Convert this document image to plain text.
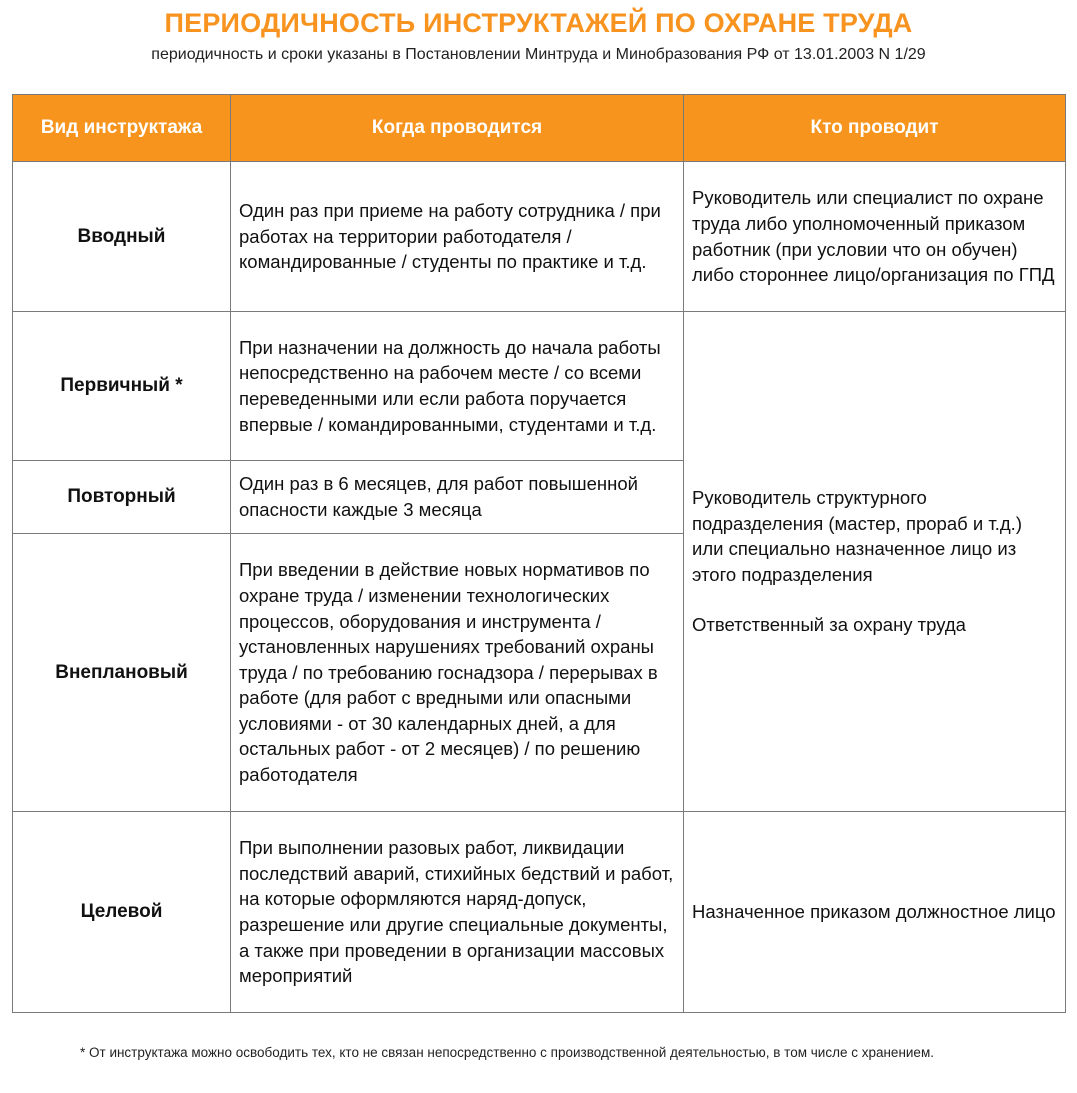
ПЕРИОДИЧНОСТЬ ИНСТРУКТАЖЕЙ ПО ОХРАНЕ ТРУДА
периодичность и сроки указаны в Постановлении Минтруда и Минобразования РФ от 13.01.2003 N 1/29
Вид инструктажа	Когда проводится	Кто проводит
Вводный	Один раз при приеме на работу сотрудника / при работах на территории работодателя / командированные / студенты по практике и т.д.	Руководитель или специалист по охране труда либо уполномоченный приказом работник (при условии что он обучен) либо стороннее лицо/организация по ГПД

Первичный *	При назначении на должность до начала работы непосредственно на рабочем месте / со всеми переведенными или если работа поручается впервые / командированными, студентами и т.д.	Руководитель структурного подразделения (мастер, прораб и т.д.) или специально назначенное лицо из этого подразделения
Ответственный за охрану труда

Повторный	Один раз в 6 месяцев, для работ повышенной опасности каждые 3 месяца	

Внеплановый	При введении в действие новых нормативов по охране труда / изменении технологических процессов, оборудования и инструмента / установленных нарушениях требований охраны труда / по требованию госнадзора / перерывах в работе (для работ с вредными или опасными условиями - от 30 календарных дней, а для остальных работ - от 2 месяцев) / по решению работодателя	

Целевой	При выполнении разовых работ, ликвидации последствий аварий, стихийных бедствий и работ, на которые оформляются наряд-допуск, разрешение или другие специальные документы, а также при проведении в организации массовых мероприятий	Назначенное приказом должностное лицо
* От инструктажа можно освободить тех, кто не связан непосредственно с производственной деятельностью, в том числе с хранением.
